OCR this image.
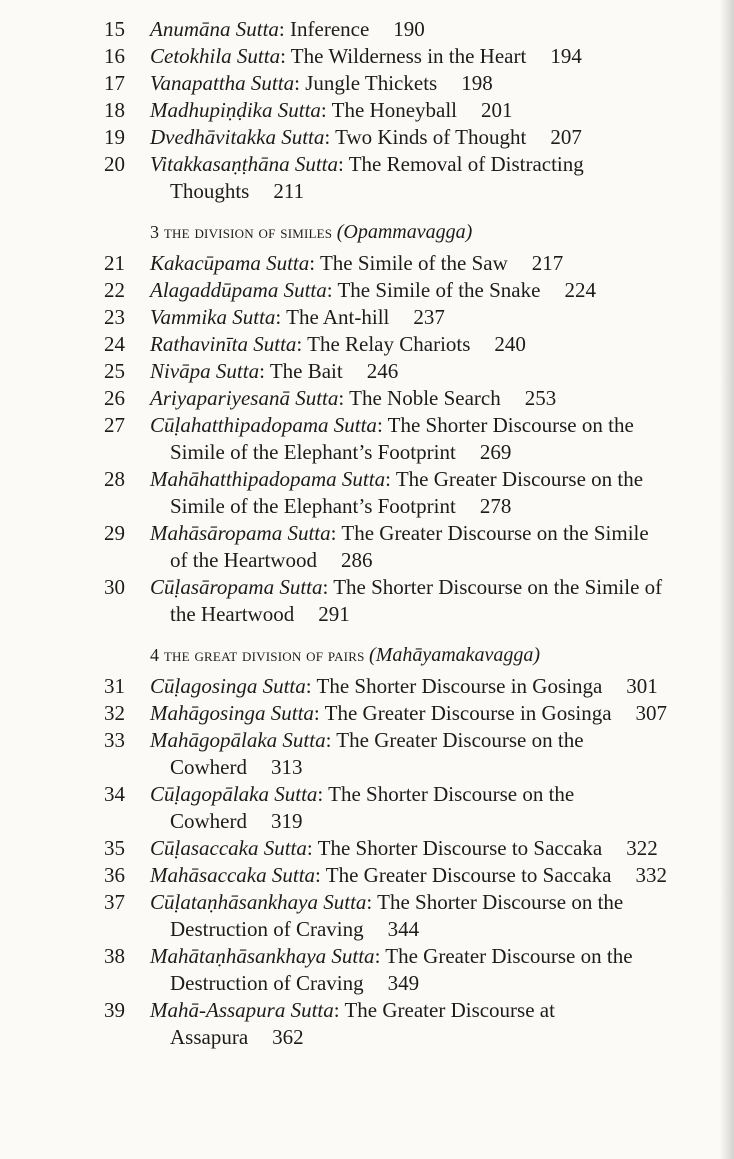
15	Anumāna Sutta: Inference 190
16	Cetokhila Sutta: The Wilderness in the Heart 194
17	Vanapattha Sutta: Jungle Thickets 198
18	Madhupiṇḍika Sutta: The Honeyball 201
19	Dvedhāvitakka Sutta: Two Kinds of Thought 207
20	Vitakkasaṇṭhāna Sutta: The Removal of Distracting
Thoughts 211
3 the division of similes (Opammavagga)
21	Kakacūpama Sutta: The Simile of the Saw 217
22	Alagaddūpama Sutta: The Simile of the Snake 224
23	Vammika Sutta: The Ant-hill 237
24	Rathavinīta Sutta: The Relay Chariots 240
25	Nivāpa Sutta: The Bait 246
26	Ariyapariyesanā Sutta: The Noble Search 253
27	Cūḷahatthipadopama Sutta: The Shorter Discourse on the
Simile of the Elephant’s Footprint 269
28	Mahāhatthipadopama Sutta: The Greater Discourse on the
Simile of the Elephant’s Footprint 278
29	Mahāsāropama Sutta: The Greater Discourse on the Simile
of the Heartwood 286
30	Cūḷasāropama Sutta: The Shorter Discourse on the Simile of
the Heartwood 291
4 the great division of pairs (Mahāyamakavagga)
31	Cūḷagosinga Sutta: The Shorter Discourse in Gosinga 301
32	Mahāgosinga Sutta: The Greater Discourse in Gosinga 307
33	Mahāgopālaka Sutta: The Greater Discourse on the
Cowherd 313
34	Cūḷagopālaka Sutta: The Shorter Discourse on the
Cowherd 319
35	Cūḷasaccaka Sutta: The Shorter Discourse to Saccaka 322
36	Mahāsaccaka Sutta: The Greater Discourse to Saccaka 332
37	Cūḷataṇhāsankhaya Sutta: The Shorter Discourse on the
Destruction of Craving 344
38	Mahātaṇhāsankhaya Sutta: The Greater Discourse on the
Destruction of Craving 349
39	Mahā-Assapura Sutta: The Greater Discourse at
Assapura 362
